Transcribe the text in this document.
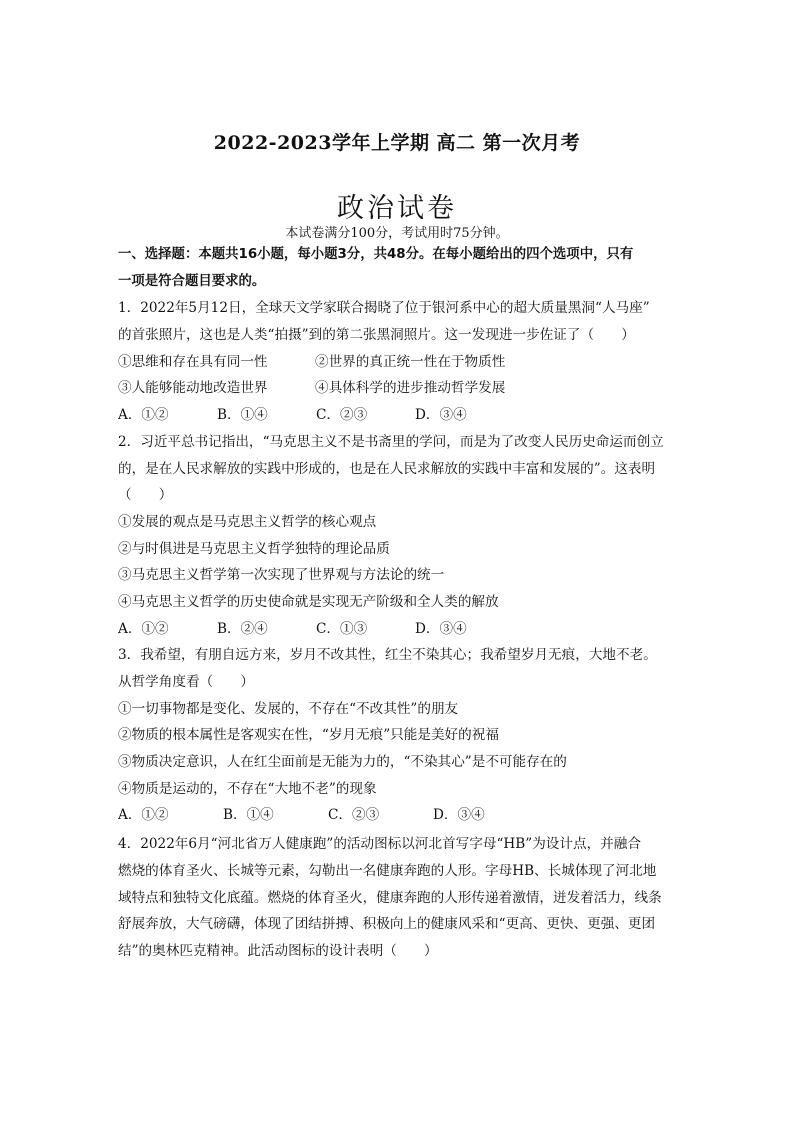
2022-2023学年上学期 高二 第一次月考
政治试卷
本试卷满分100分，考试用时75分钟。
一、选择题：本题共16小题，每小题3分，共48分。在每小题给出的四个选项中，只有
一项是符合题目要求的。
1．2022年5月12日，全球天文学家联合揭晓了位于银河系中心的超大质量黑洞“人马座”
的首张照片，这也是人类“拍摄”到的第二张黑洞照片。这一发现进一步佐证了（　　）
①思维和存在具有同一性	②世界的真正统一性在于物质性
③人能够能动地改造世界	④具体科学的进步推动哲学发展
A．①②	B．①④	C．②③	D．③④
2．习近平总书记指出，“马克思主义不是书斋里的学问，而是为了改变人民历史命运而创立
的，是在人民求解放的实践中形成的，也是在人民求解放的实践中丰富和发展的”。这表明
（　　）
①发展的观点是马克思主义哲学的核心观点
②与时俱进是马克思主义哲学独特的理论品质
③马克思主义哲学第一次实现了世界观与方法论的统一
④马克思主义哲学的历史使命就是实现无产阶级和全人类的解放
A．①②	B．②④	C．①③	D．③④
3．我希望，有朋自远方来，岁月不改其性，红尘不染其心；我希望岁月无痕，大地不老。
从哲学角度看（　　）
①一切事物都是变化、发展的，不存在“不改其性”的朋友
②物质的根本属性是客观实在性，“岁月无痕”只能是美好的祝福
③物质决定意识，人在红尘面前是无能为力的，“不染其心”是不可能存在的
④物质是运动的，不存在“大地不老”的现象
A．①②	B．①④	C．②③	D．③④
4．2022年6月“河北省万人健康跑”的活动图标以河北首写字母“HB”为设计点，并融合
燃烧的体育圣火、长城等元素，勾勒出一名健康奔跑的人形。字母HB、长城体现了河北地
域特点和独特文化底蕴。燃烧的体育圣火，健康奔跑的人形传递着激情，迸发着活力，线条
舒展奔放，大气磅礴，体现了团结拼搏、积极向上的健康风采和“更高、更快、更强、更团
结”的奥林匹克精神。此活动图标的设计表明（　　）
